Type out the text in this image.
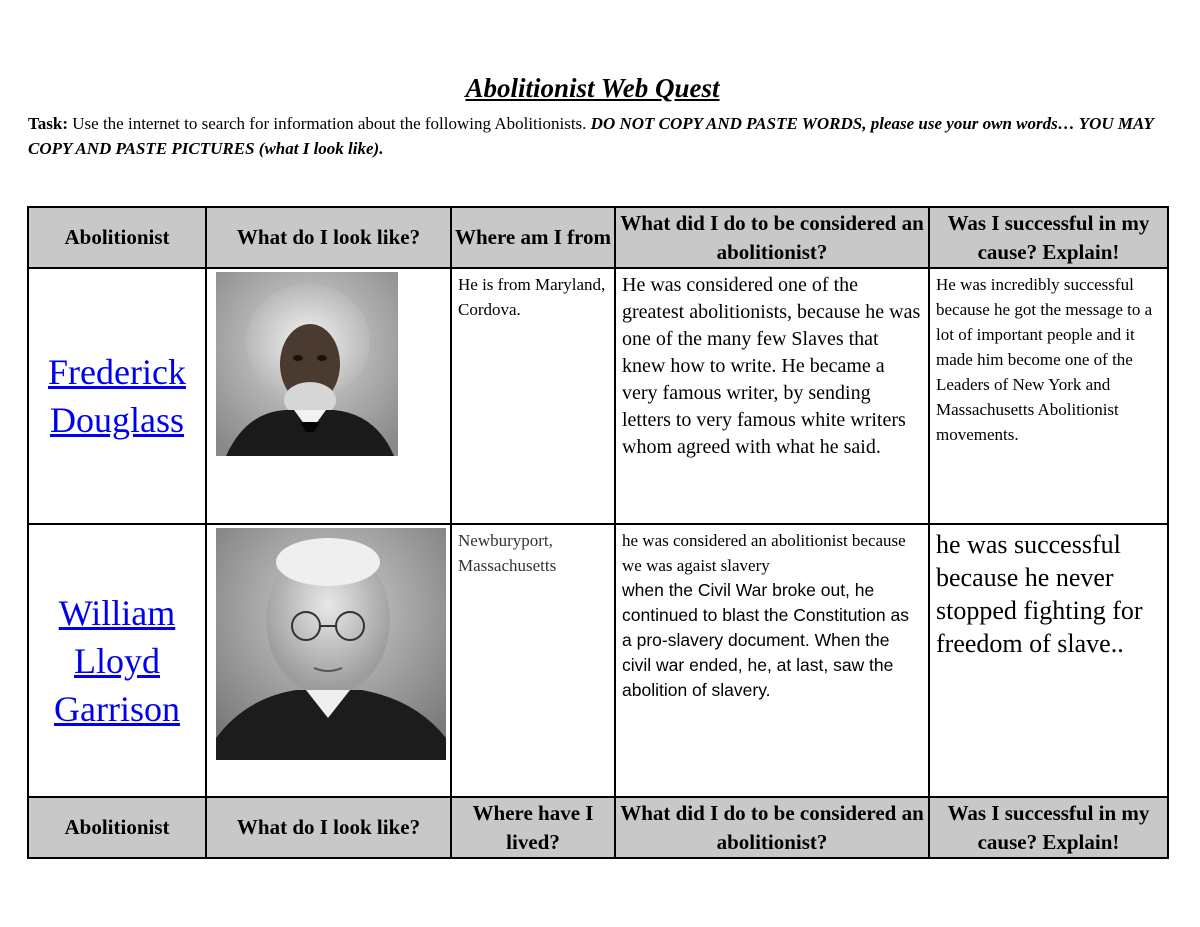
Abolitionist Web Quest
Task: Use the internet to search for information about the following Abolitionists. DO NOT COPY AND PASTE WORDS, please use your own words… YOU MAY COPY AND PASTE PICTURES (what I look like).
Abolitionist	What do I look like?	Where am I from	What did I do to be considered an abolitionist?	Was I successful in my cause? Explain!
Frederick Douglass		He is from Maryland, Cordova.	He was considered one of the greatest abolitionists, because he was one of the many few Slaves that knew how to write. He became a very famous writer, by sending letters to very famous white writers whom agreed with what he said.	He was incredibly successful because he got the message to a lot of important people and it made him become one of the Leaders of New York and Massachusetts Abolitionist movements.

William Lloyd Garrison		Newburyport, Massachusetts	he was considered an abolitionist because we was agaist slavery
when the Civil War broke out, he continued to blast the Constitution as a pro-slavery document. When the civil war ended, he, at last, saw the abolition of slavery.	he was successful because he never stopped fighting for freedom of slave..

Abolitionist	What do I look like?	Where have I lived?	What did I do to be considered an abolitionist?	Was I successful in my cause? Explain!
